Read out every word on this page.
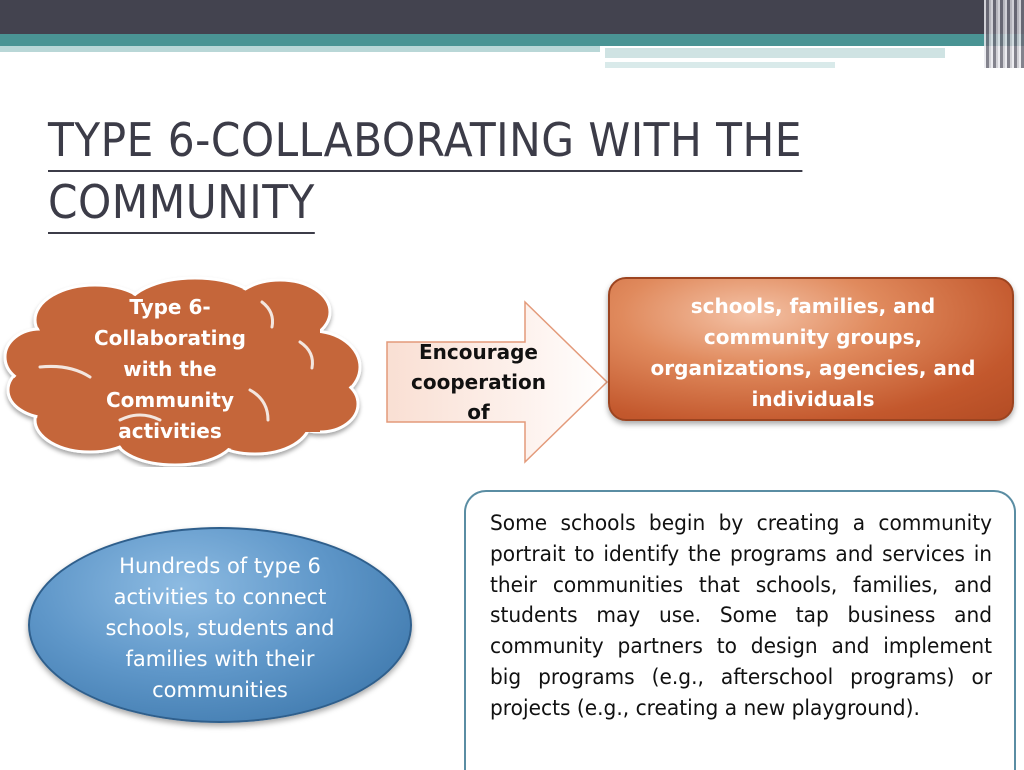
TYPE 6-COLLABORATING WITH THE
COMMUNITY
Type 6-Collaborating with the Community activities
Encourage cooperation of
schools, families, and community groups, organizations, agencies, and individuals
Hundreds of type 6 activities to connect schools, students and families with their communities
Some schools begin by creating a community portrait to identify the programs and services in their communities that schools, families, and students may use. Some tap business and community partners to design and implement big programs (e.g., afterschool programs) or projects (e.g., creating a new playground).
